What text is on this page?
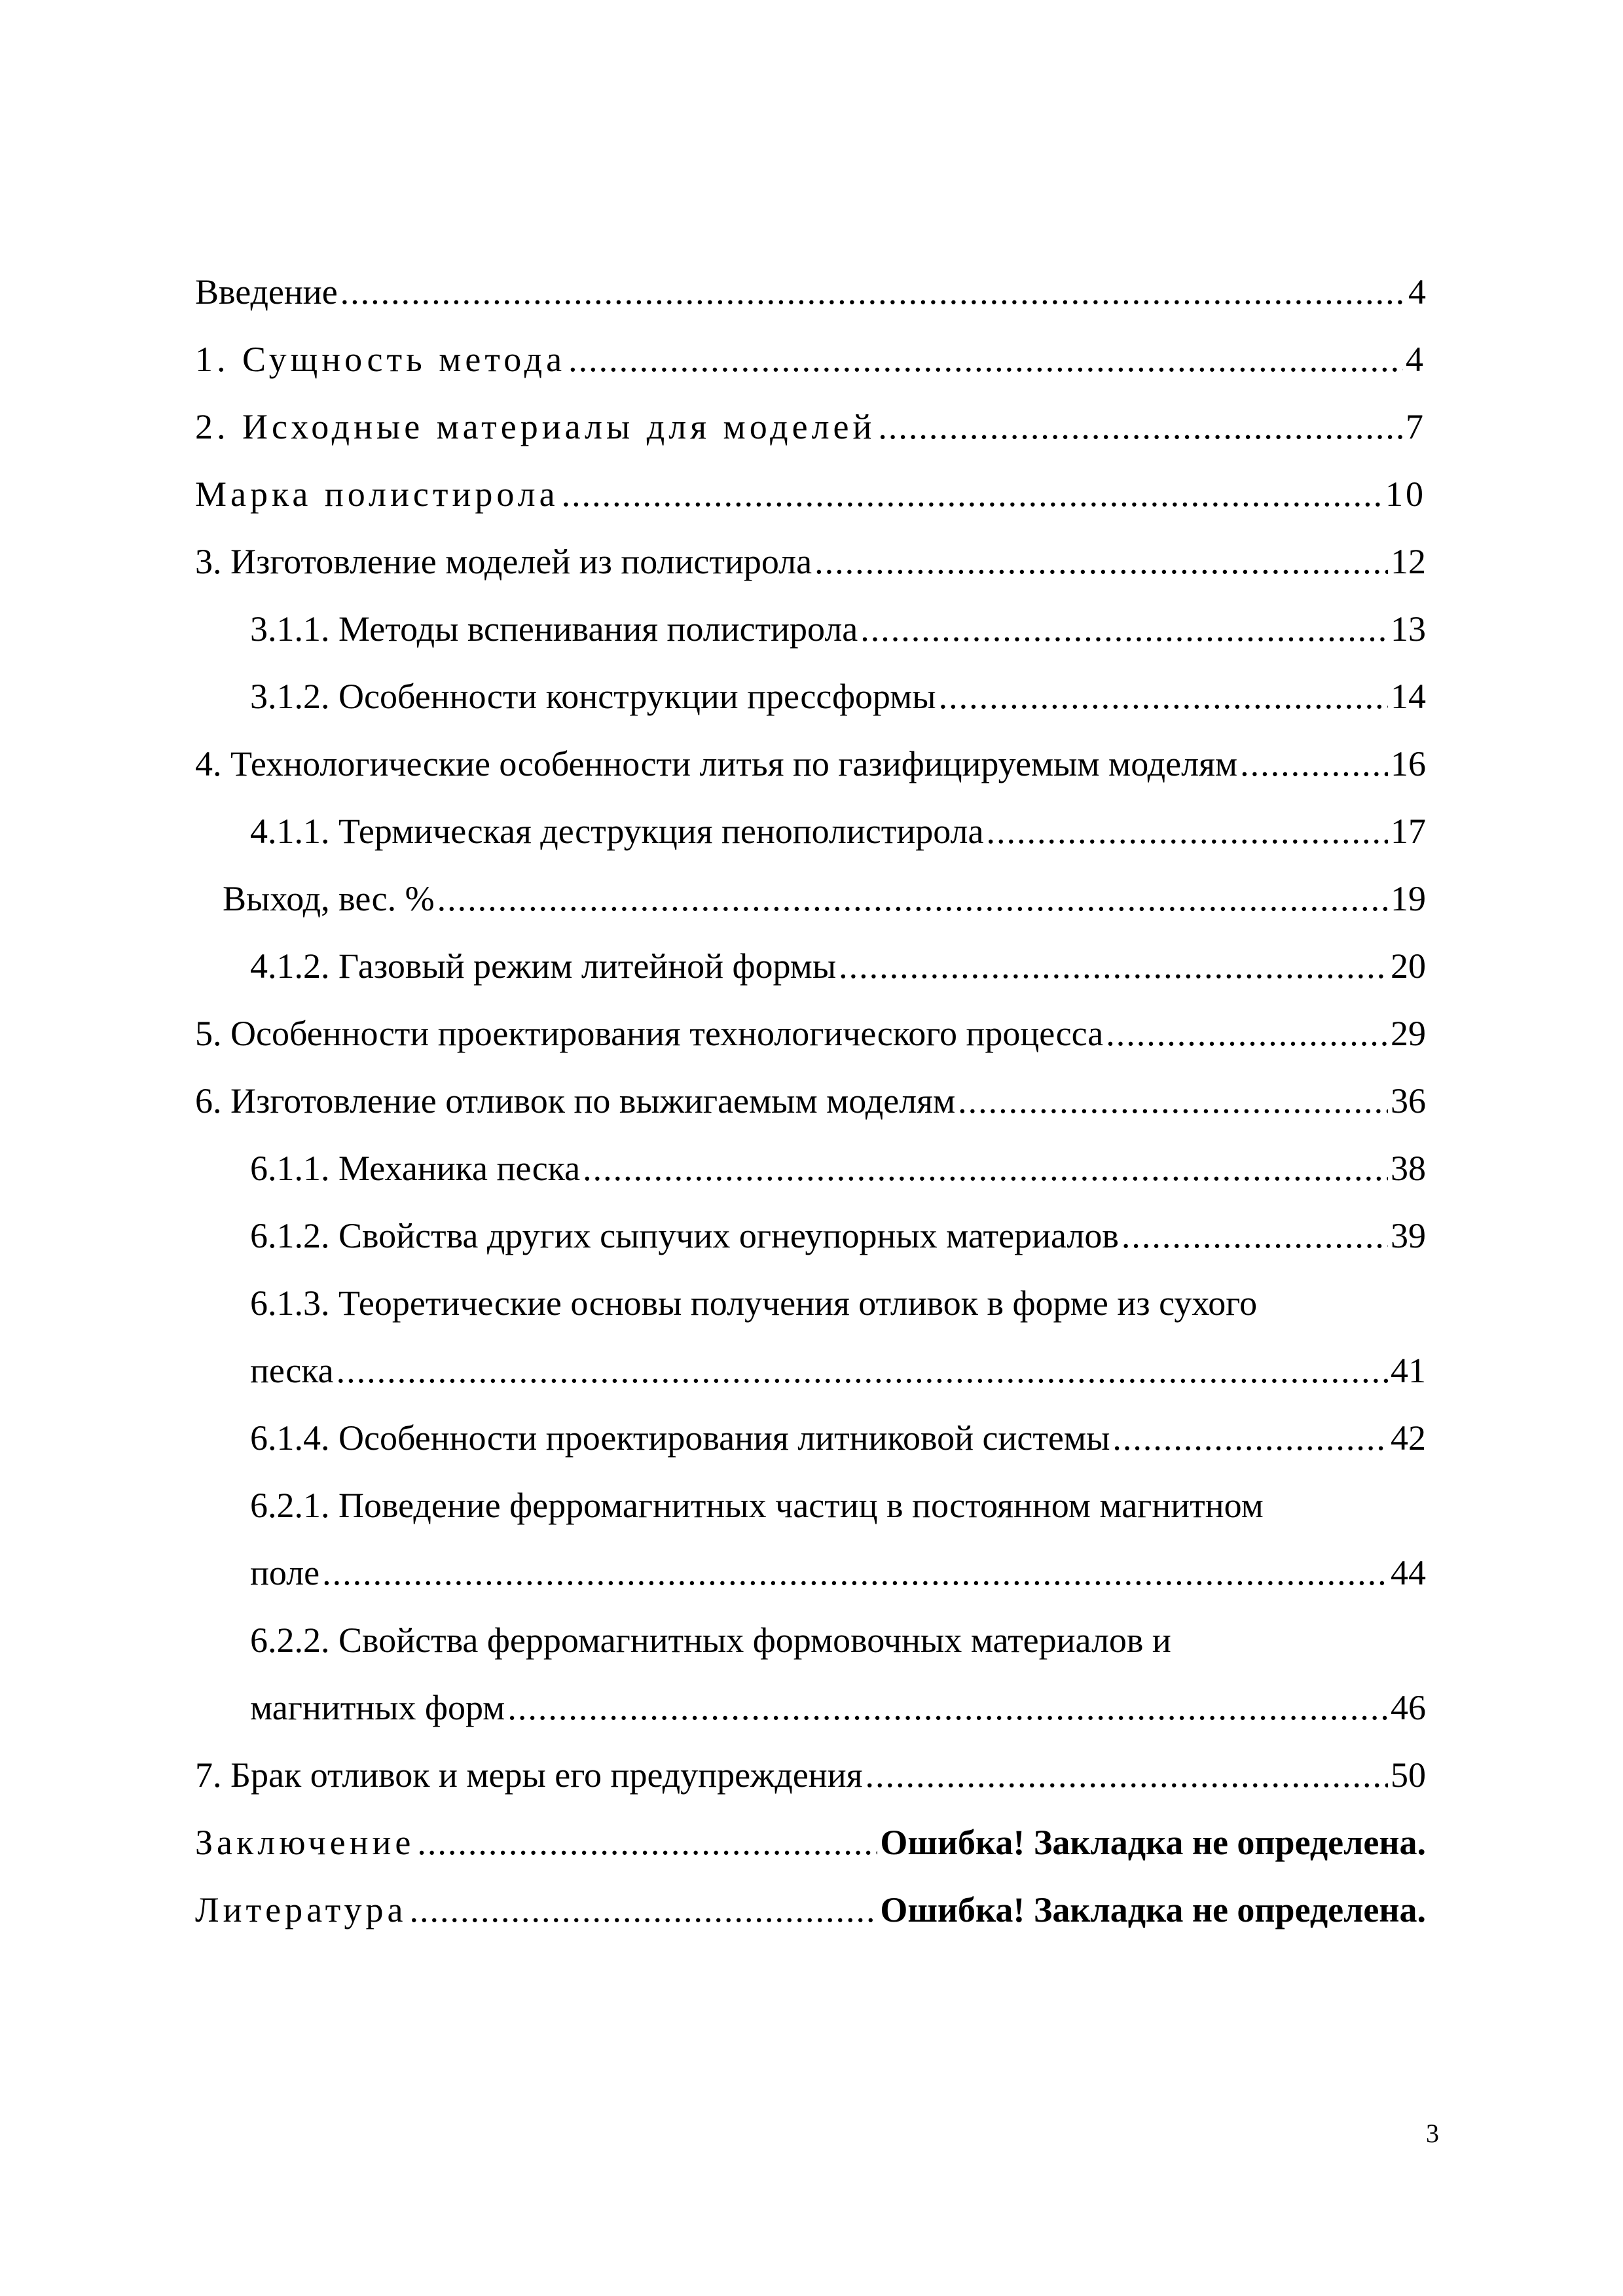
Введение .....	4
1. Сущность метода .....	4
2. Исходные материалы для моделей .....	7
Марка полистирола .....	10
3. Изготовление моделей из полистирола .....	12
3.1.1. Методы вспенивания полистирола .....	13
3.1.2. Особенности конструкции прессформы .....	14
4. Технологические особенности литья по газифицируемым моделям .....	16
4.1.1. Термическая деструкция пенополистирола .....	17
Выход, вес. % .....	19
4.1.2. Газовый режим литейной формы .....	20
5. Особенности проектирования технологического процесса .....	29
6. Изготовление отливок по выжигаемым моделям .....	36
6.1.1. Механика песка .....	38
6.1.2. Свойства других сыпучих огнеупорных материалов .....	39
6.1.3. Теоретические основы получения отливок в форме из сухого
песка .....	41
6.1.4. Особенности проектирования литниковой системы .....	42
6.2.1. Поведение ферромагнитных частиц в постоянном магнитном
поле .....	44
6.2.2. Свойства ферромагнитных формовочных материалов и
магнитных форм .....	46
7. Брак отливок и меры его предупреждения .....	50
Заключение .....	Ошибка! Закладка не определена.
Литература .....	Ошибка! Закладка не определена.
3
